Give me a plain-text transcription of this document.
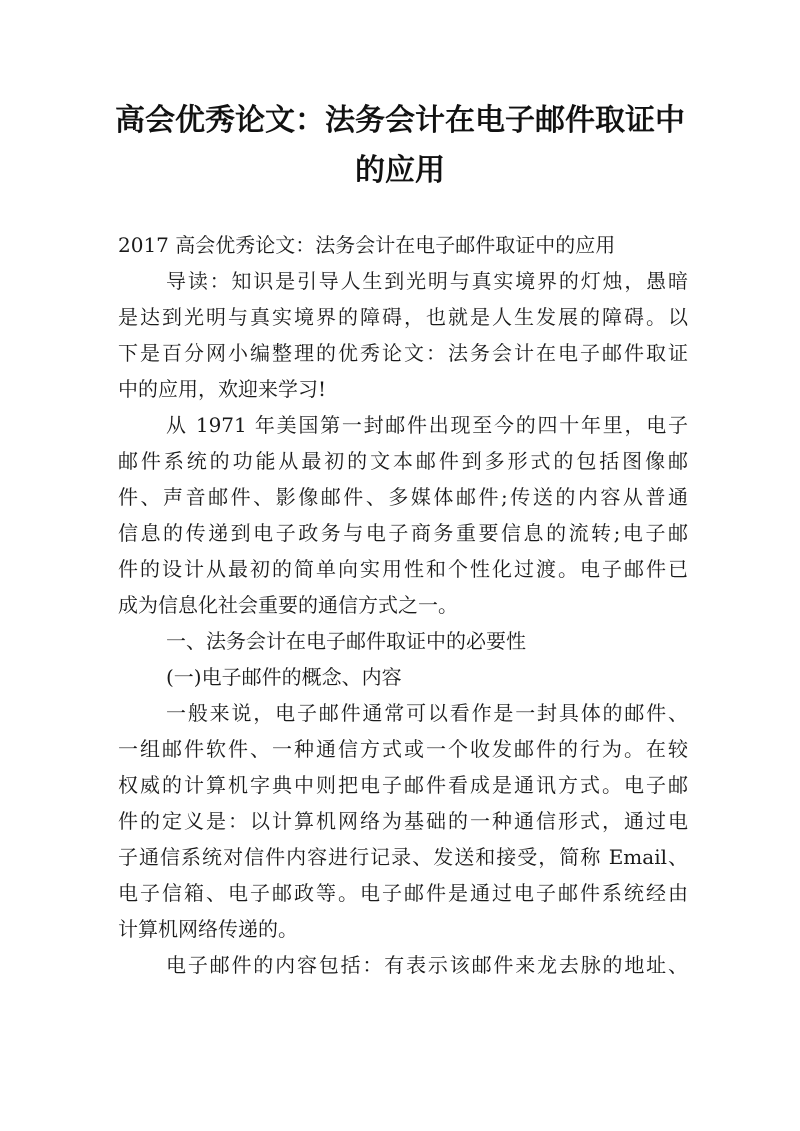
高会优秀论文：法务会计在电子邮件取证中
的应用
2017 高会优秀论文：法务会计在电子邮件取证中的应用
导读：知识是引导人生到光明与真实境界的灯烛，愚暗
是达到光明与真实境界的障碍，也就是人生发展的障碍。以
下是百分网小编整理的优秀论文：法务会计在电子邮件取证
中的应用，欢迎来学习!
从 1971 年美国第一封邮件出现至今的四十年里，电子
邮件系统的功能从最初的文本邮件到多形式的包括图像邮
件、声音邮件、影像邮件、多媒体邮件;传送的内容从普通
信息的传递到电子政务与电子商务重要信息的流转;电子邮
件的设计从最初的简单向实用性和个性化过渡。电子邮件已
成为信息化社会重要的通信方式之一。
一、法务会计在电子邮件取证中的必要性
(一)电子邮件的概念、内容
一般来说，电子邮件通常可以看作是一封具体的邮件、
一组邮件软件、一种通信方式或一个收发邮件的行为。在较
权威的计算机字典中则把电子邮件看成是通讯方式。电子邮
件的定义是：以计算机网络为基础的一种通信形式，通过电
子通信系统对信件内容进行记录、发送和接受，简称 Email、
电子信箱、电子邮政等。电子邮件是通过电子邮件系统经由
计算机网络传递的。
电子邮件的内容包括：有表示该邮件来龙去脉的地址、
